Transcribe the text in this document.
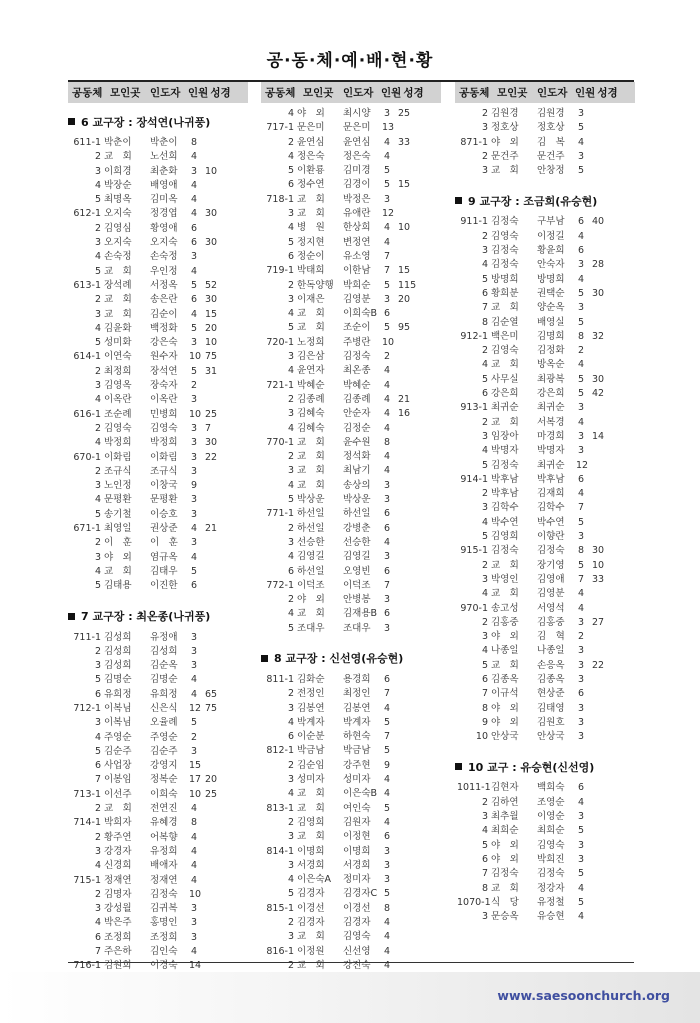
공·동·체·예·배·현·황
공동체 모인곳 인도자 인원  성경
6 교구장 : 장석연(나귀풍)
611-1 박춘이 박춘이 8
2 교　회 노선희 4
3 이희경 최춘화 3 10
4 박장순 배영애 4
5 최명옥 김미옥 4
612-1 오지숙 정경엽 4 30
2 김영심 황영애 6
3 오지숙 오지숙 6 30
4 손숙정 손숙정 3
5 교　회 우인정 4
613-1 장석례 서정옥 5 52
2 교　회 송은란 6 30
3 교　회 김순이 4 15
4 김윤화 백정화 5 20
5 성미화 강은숙 3 10
614-1 이연숙 원수자 10 75
2 최정희 장석연 5 31
3 김영옥 장숙자 2
4 이옥란 이옥란 3
616-1 조순례 민병희 10 25
2 김영숙 김영숙 3 7
4 박정희 박정희 3 30
670-1 이화림 이화림 3 22
2 조규식 조규식 3
3 노인정 이창국 9
4 문평환 문평환 3
5 송기철 이승호 3
671-1 최영일 권상준 4 21
2 이　훈 이　훈 3
3 야　외 염규옥 4
4 교　회 김태우 5
5 김태용 이진한 6
7 교구장 : 최온종(나귀풍)
711-1 김성희 유정애 3
2 김성희 김성희 3
3 김성희 김순옥 3
5 김명순 김명순 4
6 유희정 유희정 4 65
712-1 이복님 신은식 12 75
3 이복님 오율례 5
4 주영순 주영순 2
5 김순주 김순주 3
6 사업장 강영지 15
7 이봉임 정복순 17 20
713-1 이선주 이희숙 10 25
2 교　회 전연진 4
714-1 박희자 유혜경 8
2 황주연 어복향 4
3 강경자 유정희 4
4 신경희 배애자 4
715-1 정재연 정재연 4
2 김명자 김정숙 10
3 강성월 김귀복 3
4 박은주 홍명인 3
6 조정희 조정희 3
7 주은하 김인숙 4
716-1 김원희 이경숙 14
공동체 모인곳 인도자 인원  성경
4 야　외 최시양 3 25
717-1 문은미 문은미 13
2 윤연심 윤연심 4 33
4 정은숙 정은숙 4
5 이환룡 김미경 5
6 정수연 김경이 5 15
718-1 교　회 박정은 3
3 교　회 유애란 12
4 병　원 한상희 4 10
5 정지현 변정연 4
6 정순이 유소영 7
719-1 박태희 이한남 7 15
2 한독양행 박희순 5 115
3 이재은 김영분 3 20
4 교　회 이희숙B 6
5 교　회 조순이 5 95
720-1 노정희 주병란 10
3 김은삼 김정숙 2
4 윤연자 최온종 4
721-1 박혜순 박혜순 4
2 김종례 김종례 4 21
3 김혜숙 안순자 4 16
4 김혜숙 김정순 4
770-1 교　회 윤수원 8
2 교　회 정석화 4
3 교　회 최남기 4
4 교　회 송상의 3
5 박상운 박상운 3
771-1 하선일 하선일 6
2 하선일 강병춘 6
3 선승한 선승한 4
4 김영길 김영길 3
6 하선일 오영빈 6
772-1 이덕조 이덕조 7
2 야　외 안병봉 3
4 교　회 김재용B 6
5 조대우 조대우 3
8 교구장 : 신선영(유승현)
811-1 김화순 용경희 6
2 전정인 최정인 7
3 김봉연 김봉연 4
4 박계자 박계자 5
6 이순분 하현숙 7
812-1 박금남 박금남 5
2 김순임 강주현 9
3 성미자 성미자 4
4 교　회 이은숙B 4
813-1 교　회 여인숙 5
2 김영희 김원자 4
3 교　회 이정현 6
814-1 이명희 이명희 3
3 서경희 서경희 3
4 이은숙A 정미자 3
5 김경자 김경자C 5
815-1 이경선 이경선 8
2 김경자 김경자 4
3 교　회 김영숙 4
816-1 이정원 신선영 4
2 교　회 강진숙 4
공동체 모인곳 인도자 인원  성경
2 김원경 김원경 3
3 정호상 정호상 5
871-1 야　외 김　복 4
2 문건주 문건주 3
3 교　회 안창정 5
9 교구장 : 조금희(유승현)
911-1 김정숙 구부남 6 40
2 김영숙 이정길 4
3 김정숙 황윤희 6
4 김정숙 안숙자 3 28
5 방명희 방명희 4
6 황희분 권택순 5 30
7 교　회 양순옥 3
8 김순열 배영실 5
912-1 백은미 김명희 8 32
2 김영숙 김정화 2
4 교　회 방옥순 4
5 사무실 최광복 5 30
6 강은희 강은희 5 42
913-1 최귀순 최귀순 3
2 교　회 서복경 4
3 임장아 마경희 3 14
4 박명자 박명자 3
5 김정숙 최귀순 12
914-1 박후남 박후남 6
2 박후남 김재희 4
3 김학수 김학수 7
4 박수연 박수연 5
5 김영희 이향란 3
915-1 김정숙 김정숙 8 30
2 교　회 장기영 5 10
3 박영인 김영애 7 33
4 교　회 김영분 4
970-1 송고성 서영석 4
2 김홍중 김홍중 3 27
3 야　외 김　혁 2
4 나종일 나종일 3
5 교　회 손응옥 3 22
6 김종옥 김종옥 3
7 이규석 현상준 6
8 야　외 김태영 3
9 야　외 김원호 3
10 안상국 안상국 3
10 교구 : 유승현(신선영)
1011-1 김현자 백희숙 6
2 김하연 조영순 4
3 최추월 이영순 3
4 최희순 최희순 5
5 야　외 김영숙 3
6 야　외 박희진 3
7 김정숙 김정숙 5
8 교　회 정강자 4
1070-1 식　당 유정철 5
3 문승옥 유승현 4
www.saesoonchurch.org
